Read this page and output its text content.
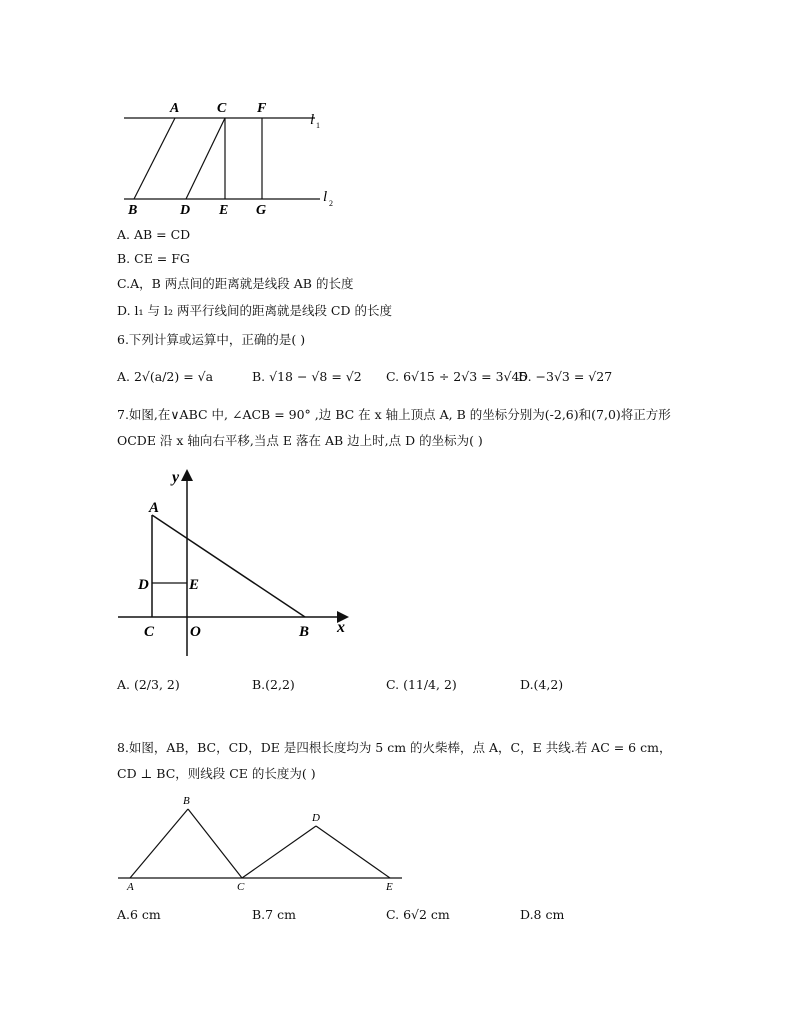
A	C F
l 1
l 2
B	D E G
A. AB = CD
B. CE = FG
C.A，B 两点间的距离就是线段 AB 的长度
D. l₁ 与 l₂ 两平行线间的距离就是线段 CD 的长度
6.下列计算或运算中，正确的是( )
A. 2√(a/2) = √a	B. √18 − √8 = √2 C. 6√15 ÷ 2√3 = 3√45
D. −3√3 = √27
7.如图,在∨ABC 中, ∠ACB = 90° ,边 BC 在 x 轴上顶点 A, B 的坐标分别为(-2,6)和(7,0)将正方形
OCDE 沿 x 轴向右平移,当点 E 落在 AB 边上时,点 D 的坐标为( )
y
A
D	E
C O	B x
A. (2/3, 2)	B.(2,2)	C. (11/4, 2)	D.(4,2)
8.如图，AB，BC，CD，DE 是四根长度均为 5 cm 的火柴棒，点 A，C，E 共线.若 AC = 6 cm，
CD ⊥ BC，则线段 CE 的长度为( )
B
D
A	C	E
A.6 cm	B.7 cm	C. 6√2 cm	D.8 cm
